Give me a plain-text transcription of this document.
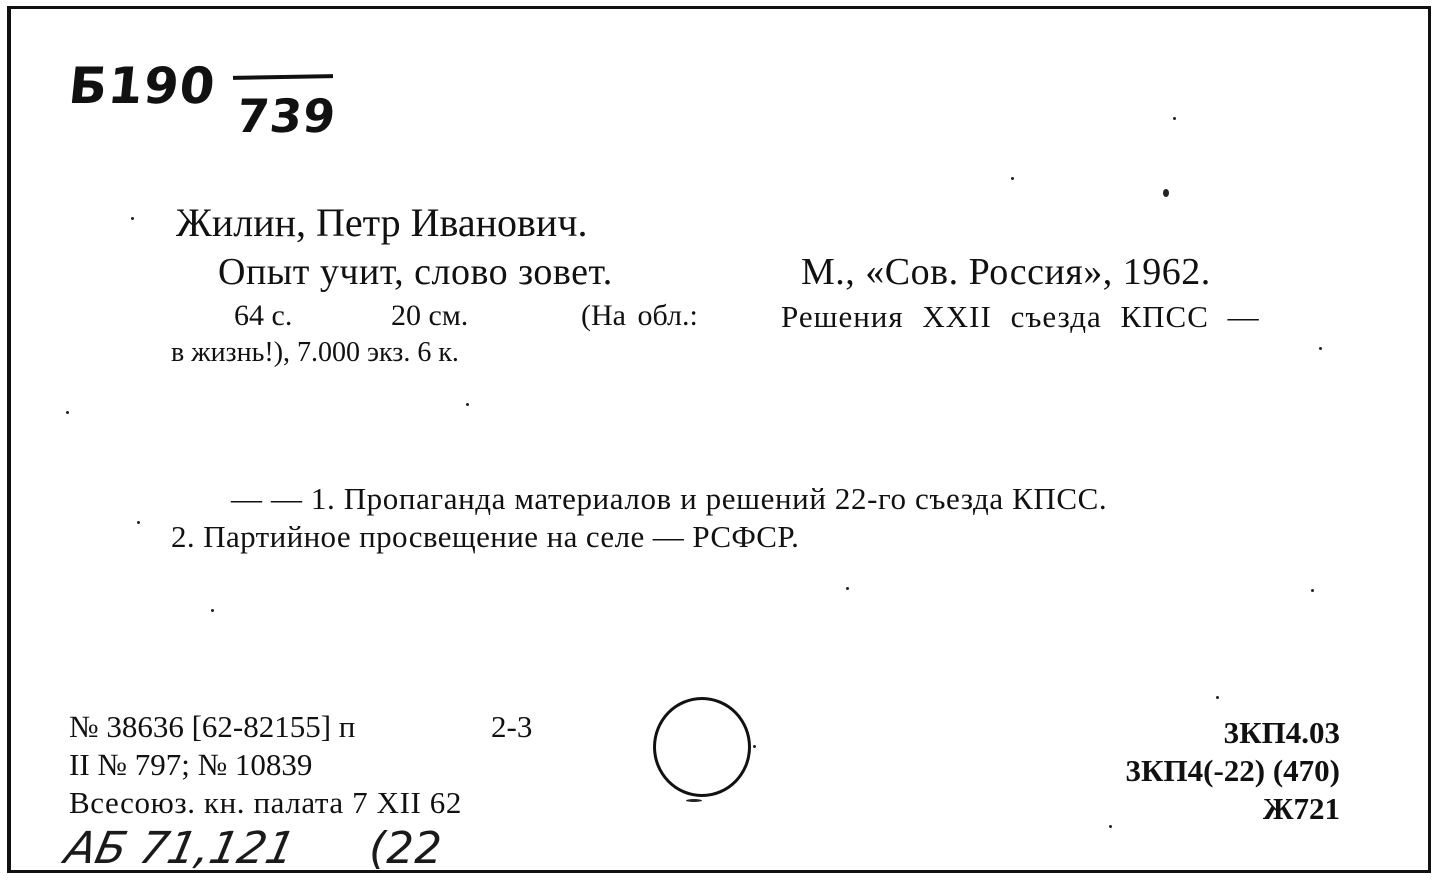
Б190
739
Жилин, Петр Иванович.
Опыт учит, слово зовет.	М., «Сов. Россия», 1962.
64 с.	20 см.	(На обл.:	Решения XXII съезда КПСС —
в жизнь!), 7.000 экз. 6 к.
— — 1. Пропаганда материалов и решений 22-го съезда КПСС.
2. Партийное просвещение на селе — РСФСР.
№ 38636 [62-82155] п	2-3
II № 797; № 10839
Всесоюз. кн. палата 7 XII 62
АБ 71,121 (22
3КП4.03
3КП4(-22) (470)
Ж721
